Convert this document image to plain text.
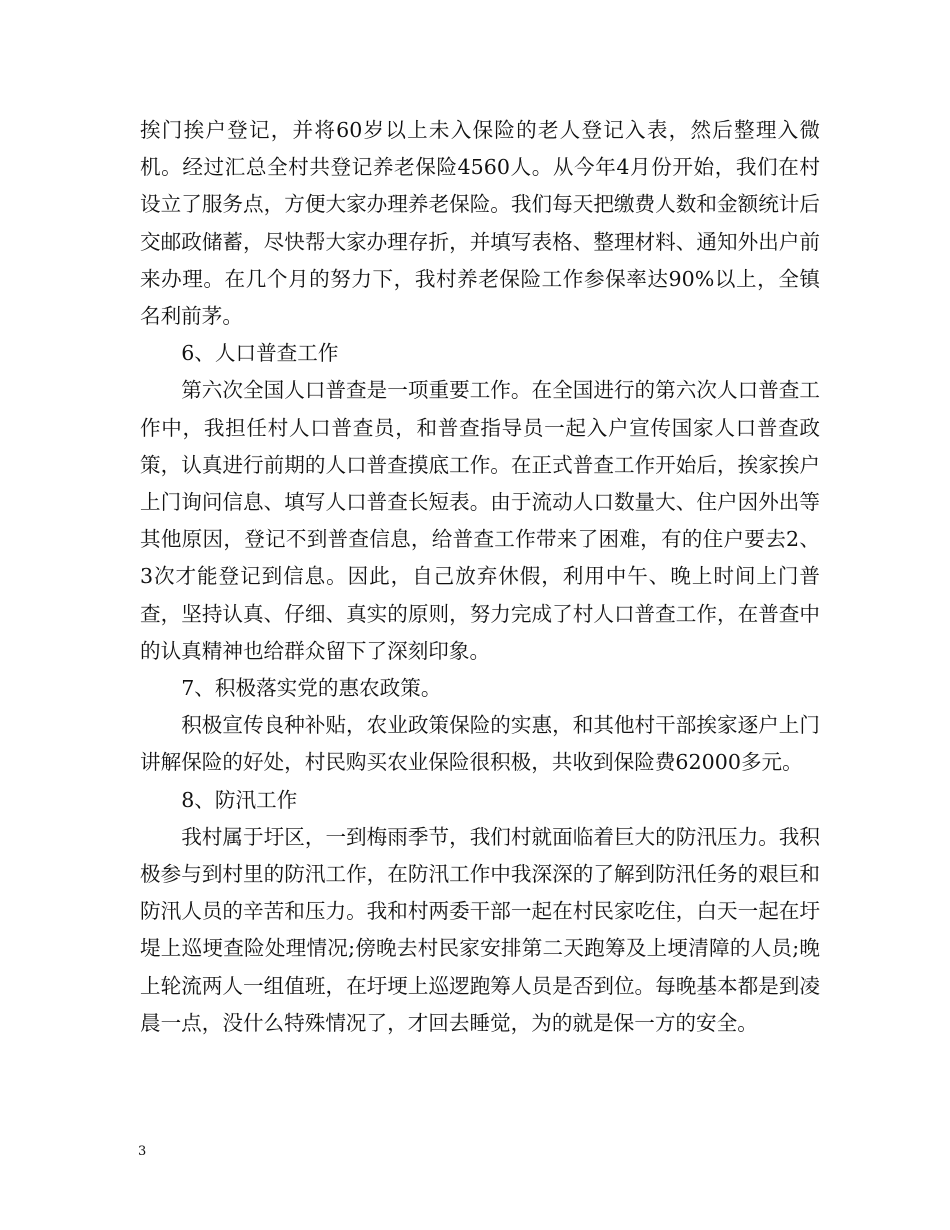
挨门挨户登记，并将60岁以上未入保险的老人登记入表，然后整理入微机。经过汇总全村共登记养老保险4560人。从今年4月份开始，我们在村设立了服务点，方便大家办理养老保险。我们每天把缴费人数和金额统计后交邮政储蓄，尽快帮大家办理存折，并填写表格、整理材料、通知外出户前来办理。在几个月的努力下，我村养老保险工作参保率达90%以上，全镇名利前茅。

6、人口普查工作

第六次全国人口普查是一项重要工作。在全国进行的第六次人口普查工作中，我担任村人口普查员，和普查指导员一起入户宣传国家人口普查政策，认真进行前期的人口普查摸底工作。在正式普查工作开始后，挨家挨户上门询问信息、填写人口普查长短表。由于流动人口数量大、住户因外出等其他原因，登记不到普查信息，给普查工作带来了困难，有的住户要去2、3次才能登记到信息。因此，自己放弃休假，利用中午、晚上时间上门普查，坚持认真、仔细、真实的原则，努力完成了村人口普查工作，在普查中的认真精神也给群众留下了深刻印象。

7、积极落实党的惠农政策。

积极宣传良种补贴，农业政策保险的实惠，和其他村干部挨家逐户上门讲解保险的好处，村民购买农业保险很积极，共收到保险费62000多元。

8、防汛工作

我村属于圩区，一到梅雨季节，我们村就面临着巨大的防汛压力。我积极参与到村里的防汛工作，在防汛工作中我深深的了解到防汛任务的艰巨和防汛人员的辛苦和压力。我和村两委干部一起在村民家吃住，白天一起在圩堤上巡埂查险处理情况;傍晚去村民家安排第二天跑筹及上埂清障的人员;晚上轮流两人一组值班，在圩埂上巡逻跑筹人员是否到位。每晚基本都是到凌晨一点，没什么特殊情况了，才回去睡觉，为的就是保一方的安全。

3
